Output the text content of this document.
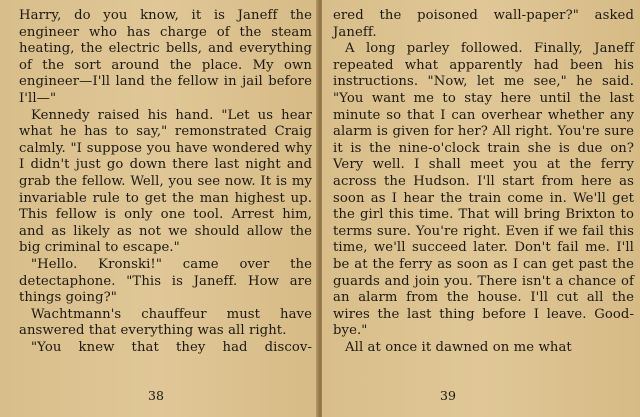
Harry, do you know, it is Janeff the engineer who has charge of the steam heating, the electric bells, and everything of the sort around the place. My own engineer—I'll land the fellow in jail before I'll—"

Kennedy raised his hand. "Let us hear what he has to say," remonstrated Craig calmly. "I suppose you have wondered why I didn't just go down there last night and grab the fellow. Well, you see now. It is my invariable rule to get the man highest up. This fellow is only one tool. Arrest him, and as likely as not we should allow the big criminal to escape."

"Hello. Kronski!" came over the detectaphone. "This is Janeff. How are things going?"

Wachtmann's chauffeur must have answered that everything was all right.

"You knew that they had discov-

38

ered the poisoned wall-paper?" asked Janeff.

A long parley followed. Finally, Janeff repeated what apparently had been his instructions. "Now, let me see," he said. "You want me to stay here until the last minute so that I can overhear whether any alarm is given for her? All right. You're sure it is the nine-o'clock train she is due on? Very well. I shall meet you at the ferry across the Hudson. I'll start from here as soon as I hear the train come in. We'll get the girl this time. That will bring Brixton to terms sure. You're right. Even if we fail this time, we'll succeed later. Don't fail me. I'll be at the ferry as soon as I can get past the guards and join you. There isn't a chance of an alarm from the house. I'll cut all the wires the last thing before I leave. Good-bye."

All at once it dawned on me what

39
